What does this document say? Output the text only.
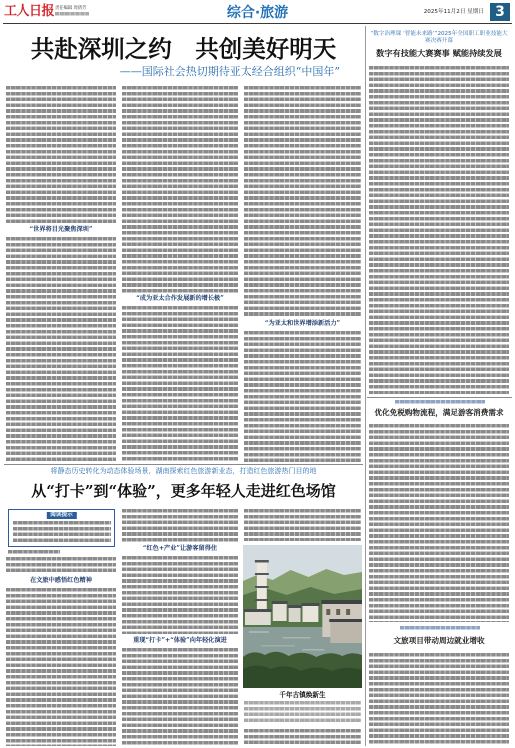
工人日报 责任编辑 周倩芳	综合·旅游	2025年11月2日 星期日 3
共赴深圳之约　共创美好明天
——国际社会热切期待亚太经合组织“中国年”
“世界将目光聚焦深圳”
“成为亚太合作发展新的增长极”
“为亚太和世界增添新活力”
“数字治理课 ‘智能未来路’”2025年全国职工职业技能大赛决赛开幕
数字有技能大赛赛事 赋能持续发展
优化免税购物流程，满足游客消费需求
文旅项目带动周边就业增收
将静态历史转化为动态体验场景，湖南探索红色旅游新业态，打造红色旅游热门目的地
从“打卡”到“体验”，更多年轻人走进红色场馆
阅读提示
在文旅中感悟红色精神
“红色+产业”让游客留得住
重现“打卡”+“体验”向年轻化演进
千年古镇焕新生
